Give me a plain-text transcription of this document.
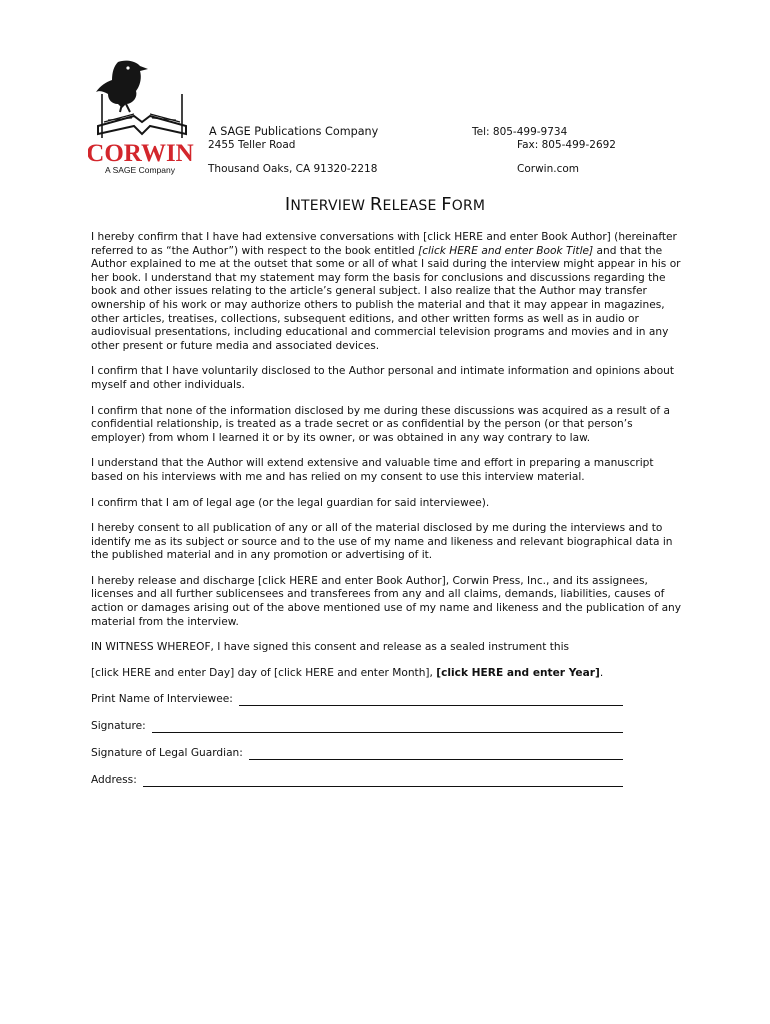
CORWIN
A SAGE Company
A SAGE Publications Company
2455 Teller Road
Thousand Oaks, CA 91320-2218
Tel: 805-499-9734
Fax: 805-499-2692
Corwin.com
INTERVIEW RELEASE FORM

I hereby confirm that I have had extensive conversations with [click HERE and enter Book Author] (hereinafter referred to as “the Author”) with respect to the book entitled [click HERE and enter Book Title] and that the Author explained to me at the outset that some or all of what I said during the interview might appear in his or her book. I understand that my statement may form the basis for conclusions and discussions regarding the book and other issues relating to the article’s general subject. I also realize that the Author may transfer ownership of his work or may authorize others to publish the material and that it may appear in magazines, other articles, treatises, collections, subsequent editions, and other written forms as well as in audio or audiovisual presentations, including educational and commercial television programs and movies and in any other present or future media and associated devices.

I confirm that I have voluntarily disclosed to the Author personal and intimate information and opinions about myself and other individuals.

I confirm that none of the information disclosed by me during these discussions was acquired as a result of a confidential relationship, is treated as a trade secret or as confidential by the person (or that person’s employer) from whom I learned it or by its owner, or was obtained in any way contrary to law.

I understand that the Author will extend extensive and valuable time and effort in preparing a manuscript based on his interviews with me and has relied on my consent to use this interview material.

I confirm that I am of legal age (or the legal guardian for said interviewee).

I hereby consent to all publication of any or all of the material disclosed by me during the interviews and to identify me as its subject or source and to the use of my name and likeness and relevant biographical data in the published material and in any promotion or advertising of it.

I hereby release and discharge [click HERE and enter Book Author], Corwin Press, Inc., and its assignees, licenses and all further sublicensees and transferees from any and all claims, demands, liabilities, causes of action or damages arising out of the above mentioned use of my name and likeness and the publication of any material from the interview.

IN WITNESS WHEREOF, I have signed this consent and release as a sealed instrument this

[click HERE and enter Day] day of [click HERE and enter Month], [click HERE and enter Year].

Print Name of Interviewee:
Signature:
Signature of Legal Guardian:
Address:
